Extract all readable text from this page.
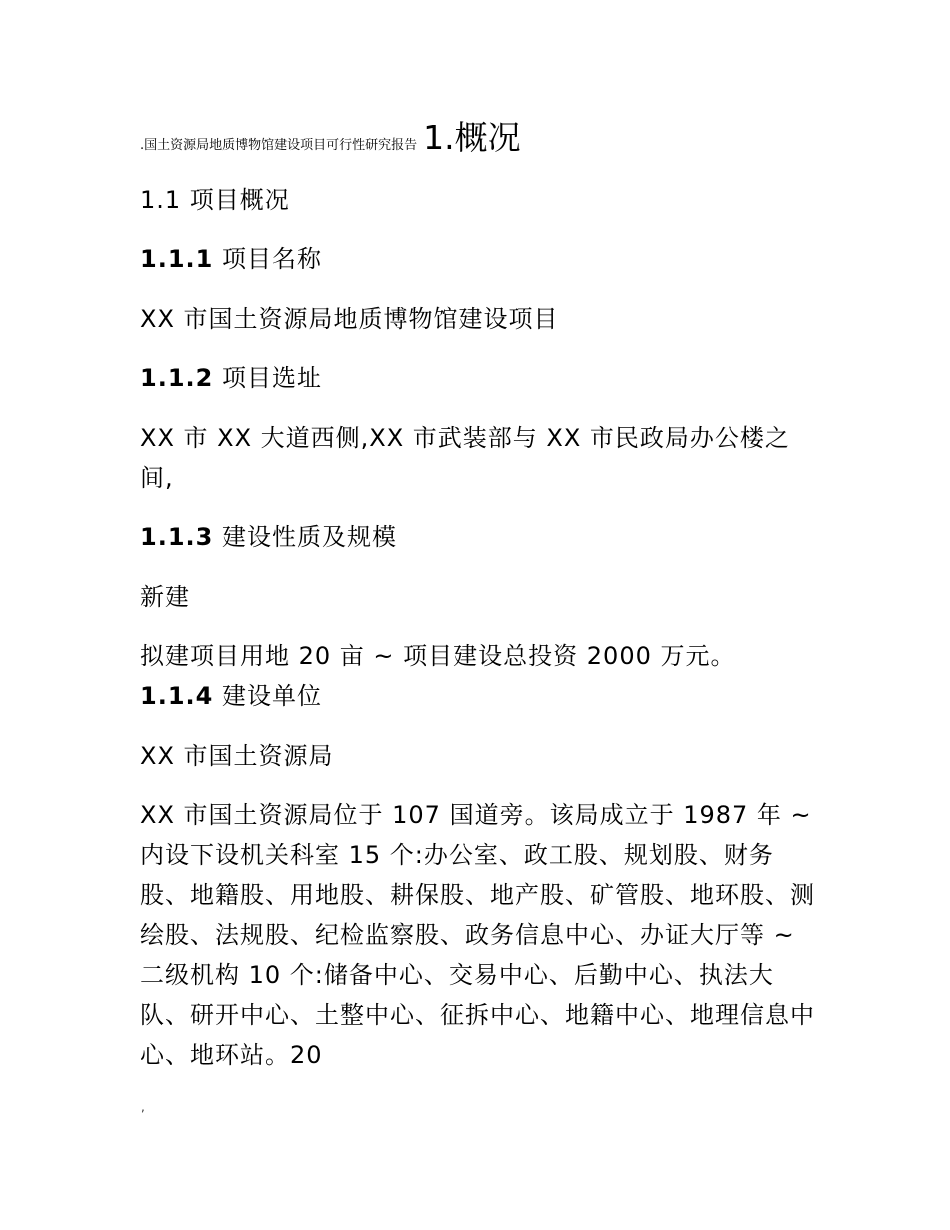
.国土资源局地质博物馆建设项目可行性研究报告 1.概况
1.1 项目概况
1.1.1 项目名称
XX 市国土资源局地质博物馆建设项目
1.1.2 项目选址
XX 市 XX 大道西侧,XX 市武装部与 XX 市民政局办公楼之间,
1.1.3 建设性质及规模
新建
拟建项目用地 20 亩 ~ 项目建设总投资 2000 万元。
1.1.4 建设单位
XX 市国土资源局
XX 市国土资源局位于 107 国道旁。该局成立于 1987 年 ~ 内设下设机关科室 15 个:办公室、政工股、规划股、财务股、地籍股、用地股、耕保股、地产股、矿管股、地环股、测绘股、法规股、纪检监察股、政务信息中心、办证大厅等 ~ 二级机构 10 个:储备中心、交易中心、后勤中心、执法大队、研开中心、土整中心、征拆中心、地籍中心、地理信息中心、地环站。20
,
